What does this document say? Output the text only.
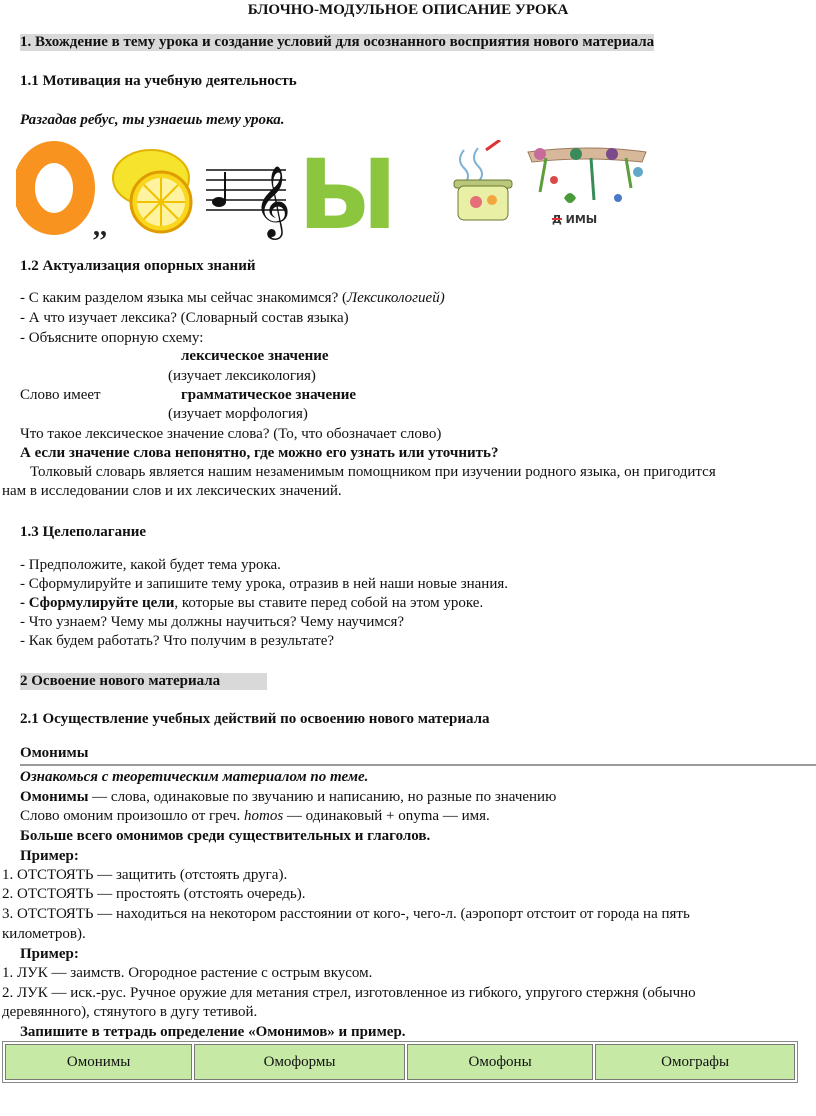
БЛОЧНО-МОДУЛЬНОЕ ОПИСАНИЕ УРОКА
1. Вхождение в тему урока и создание условий для осознанного восприятия нового материала
1.1 Мотивация на учебную деятельность
Разгадав ребус, ты узнаешь тему урока.
,, 𝄞 Ы	Д ИМЫ
1.2 Актуализация опорных знаний
- С каким разделом языка мы сейчас знакомимся? (Лексикологией)
- А что изучает лексика? (Словарный состав языка)
- Объясните опорную схему:
лексическое значение
(изучает лексикология)
Слово имеет	грамматическое значение
(изучает морфология)
Что такое лексическое значение слова? (То, что обозначает слово)
А если значение слова непонятно, где можно его узнать или уточнить?
Толковый словарь является нашим незаменимым помощником при изучении родного языка, он пригодится
нам в исследовании слов и их лексических значений.
1.3 Целеполагание
- Предположите, какой будет тема урока.
- Сформулируйте и запишите тему урока, отразив в ней наши новые знания.
- Сформулируйте цели, которые вы ставите перед собой на этом уроке.
- Что узнаем? Чему мы должны научиться? Чему научимся?
- Как будем работать? Что получим в результате?
2 Освоение нового материала
2.1 Осуществление учебных действий по освоению нового материала
Омонимы
Ознакомься с теоретическим материалом по теме.
Омонимы — слова, одинаковые по звучанию и написанию, но разные по значению
Слово омоним произошло от греч. homos — одинаковый + onyma — имя.
Больше всего омонимов среди существительных и глаголов.
Пример:
1. ОТСТОЯТЬ — защитить (отстоять друга).
2. ОТСТОЯТЬ — простоять (отстоять очередь).
3. ОТСТОЯТЬ — находиться на некотором расстоянии от кого-, чего-л. (аэропорт отстоит от города на пять
километров).
Пример:
1. ЛУК — заимств. Огородное растение с острым вкусом.
2. ЛУК — иск.-рус. Ручное оружие для метания стрел, изготовленное из гибкого, упругого стержня (обычно
деревянного), стянутого в дугу тетивой.
Запишите в тетрадь определение «Омонимов» и пример.
Омонимы	Омоформы	Омофоны	Омографы
